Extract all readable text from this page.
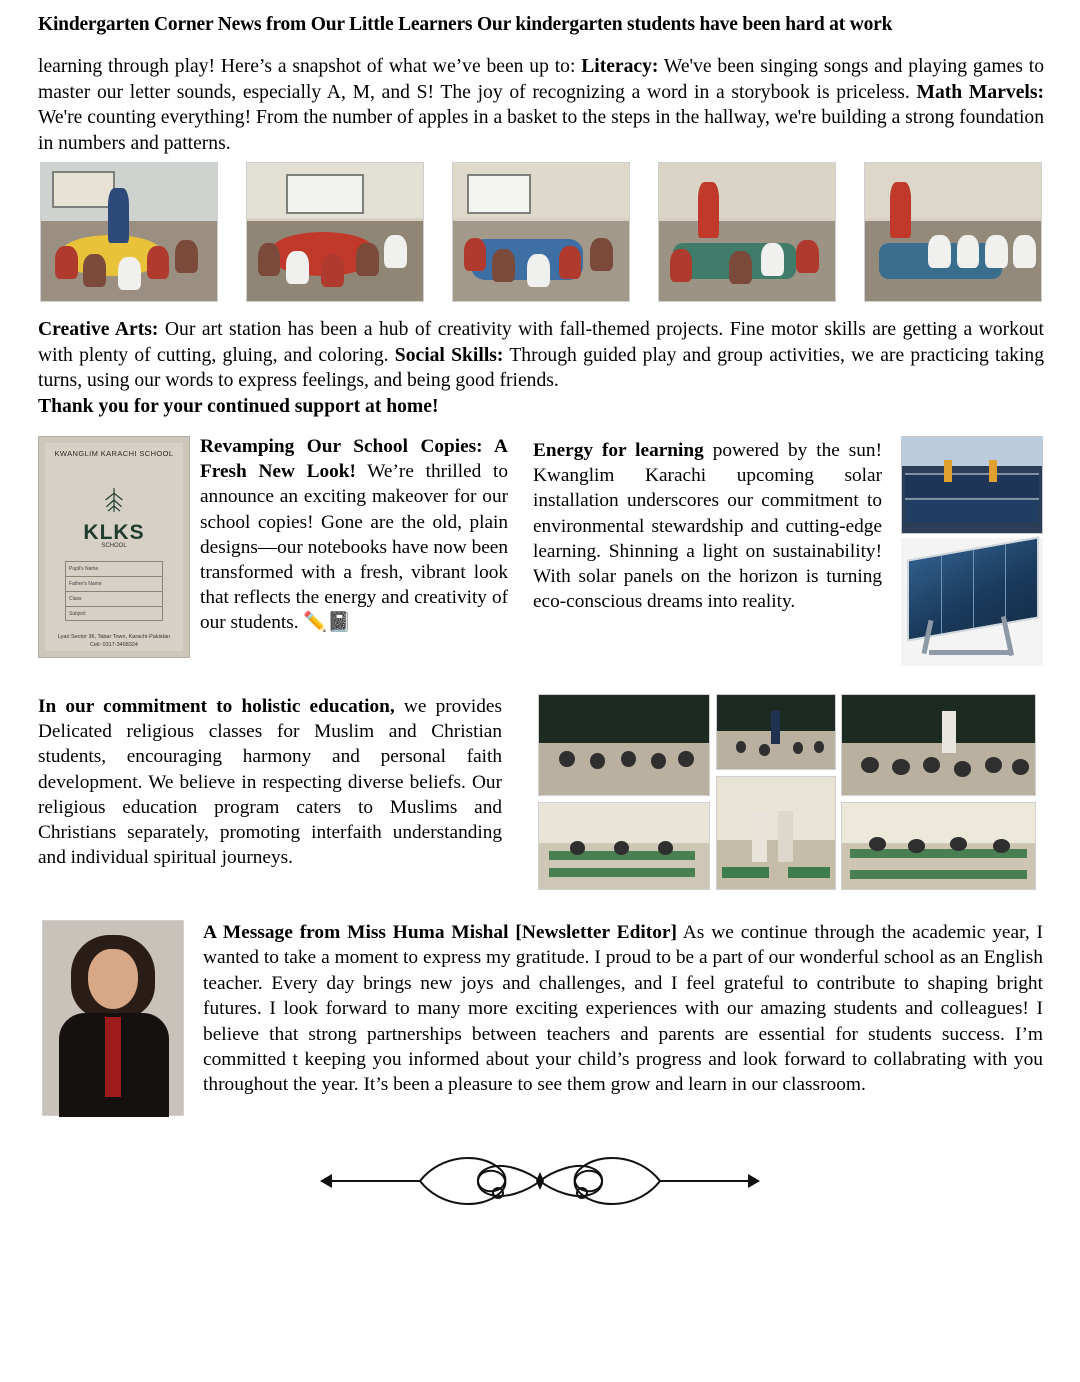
Kindergarten Corner News from Our Little Learners Our kindergarten students have been hard at work
learning through play! Here’s a snapshot of what we’ve been up to: Literacy: We've been singing songs and playing games to master our letter sounds, especially A, M, and S! The joy of recognizing a word in a storybook is priceless. Math Marvels: We're counting everything! From the number of apples in a basket to the steps in the hallway, we're building a strong foundation in numbers and patterns.
Creative Arts: Our art station has been a hub of creativity with fall-themed projects. Fine motor skills are getting a workout with plenty of cutting, gluing, and coloring. Social Skills: Through guided play and group activities, we are practicing taking turns, using our words to express feelings, and being good friends.
Thank you for your continued support at home!
KWANGLIM KARACHI SCHOOL
KLKS
SCHOOL
Pupil's Name
Father's Name
Class
Subject
Lyari Sector 36, Tabar Town, Karachi-Pakistan
Cell: 0317-3468324
Revamping Our School Copies: A Fresh New Look! We’re thrilled to announce an exciting makeover for our school copies! Gone are the old, plain designs—our notebooks have now been transformed with a fresh, vibrant look that reflects the energy and creativity of our students. ✏️📓
Energy for learning powered by the sun! Kwanglim Karachi upcoming solar installation underscores our commitment to environmental stewardship and cutting-edge learning. Shinning a light on sustainability! With solar panels on the horizon is turning eco-conscious dreams into reality.
In our commitment to holistic education, we provides Delicated religious classes for Muslim and Christian students, encouraging harmony and personal faith development. We believe in respecting diverse beliefs. Our religious education program caters to Muslims and Christians separately, promoting interfaith understanding and individual spiritual journeys.
A Message from Miss Huma Mishal [Newsletter Editor] As we continue through the academic year, I wanted to take a moment to express my gratitude. I proud to be a part of our wonderful school as an English teacher. Every day brings new joys and challenges, and I feel grateful to contribute to shaping bright futures. I look forward to many more exciting experiences with our amazing students and colleagues! I believe that strong partnerships between teachers and parents are essential for students success. I’m committed t keeping you informed about your child’s progress and look forward to collabrating with you throughout the year. It’s been a pleasure to see them grow and learn in our classroom.
